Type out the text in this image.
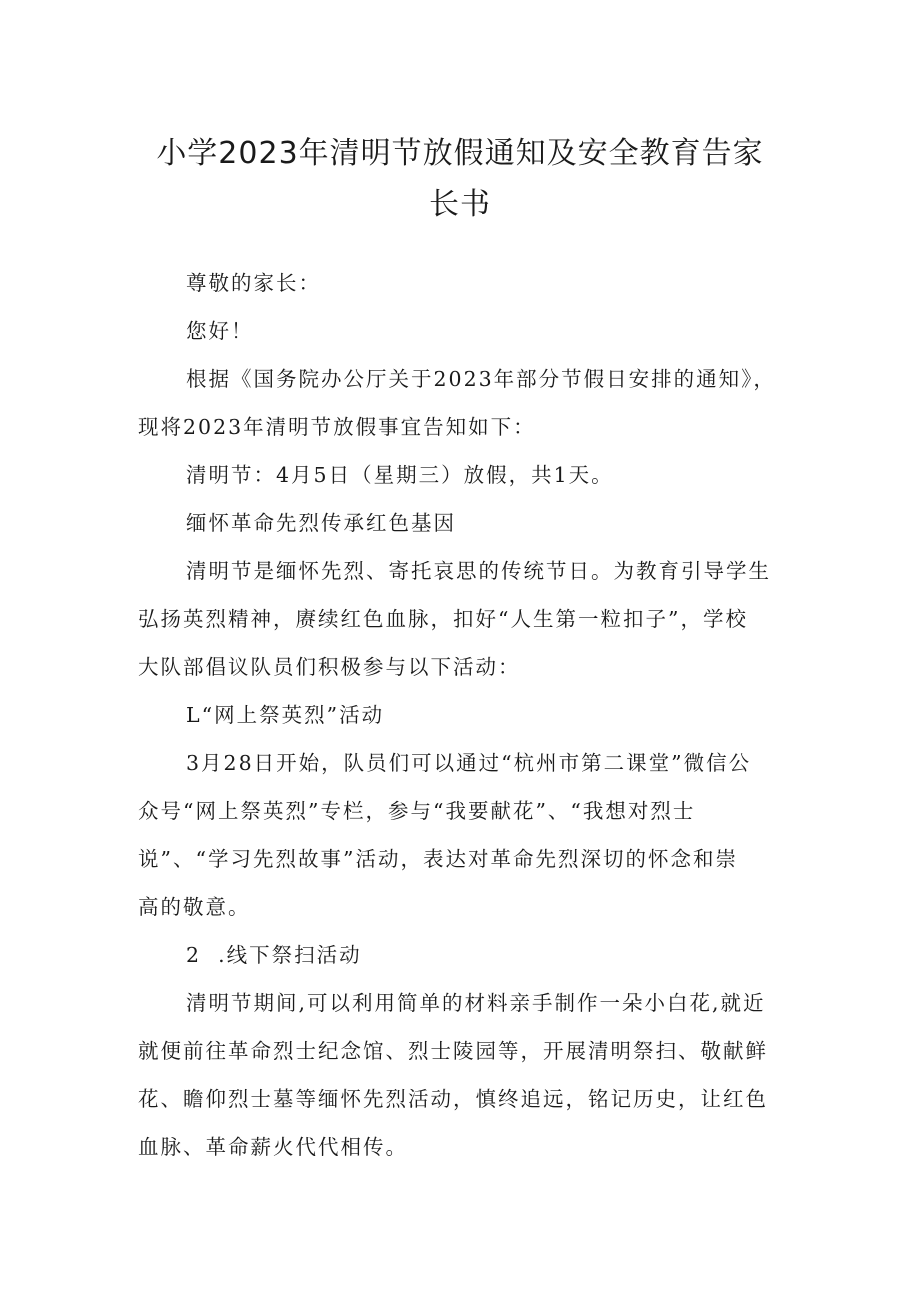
小学2023年清明节放假通知及安全教育告家
长书
尊敬的家长：
您好！
根据《国务院办公厅关于2023年部分节假日安排的通知》，
现将2023年清明节放假事宜告知如下：
清明节：4月5日（星期三）放假，共1天。
缅怀革命先烈传承红色基因
清明节是缅怀先烈、寄托哀思的传统节日。为教育引导学生
弘扬英烈精神，赓续红色血脉，扣好“人生第一粒扣子”，学校
大队部倡议队员们积极参与以下活动：
L“网上祭英烈”活动
3月28日开始，队员们可以通过“杭州市第二课堂”微信公
众号“网上祭英烈”专栏，参与“我要献花”、“我想对烈士
说”、“学习先烈故事”活动，表达对革命先烈深切的怀念和崇
高的敬意。
2  .线下祭扫活动
清明节期间,可以利用简单的材料亲手制作一朵小白花,就近
就便前往革命烈士纪念馆、烈士陵园等，开展清明祭扫、敬献鲜
花、瞻仰烈士墓等缅怀先烈活动，慎终追远，铭记历史，让红色
血脉、革命薪火代代相传。
